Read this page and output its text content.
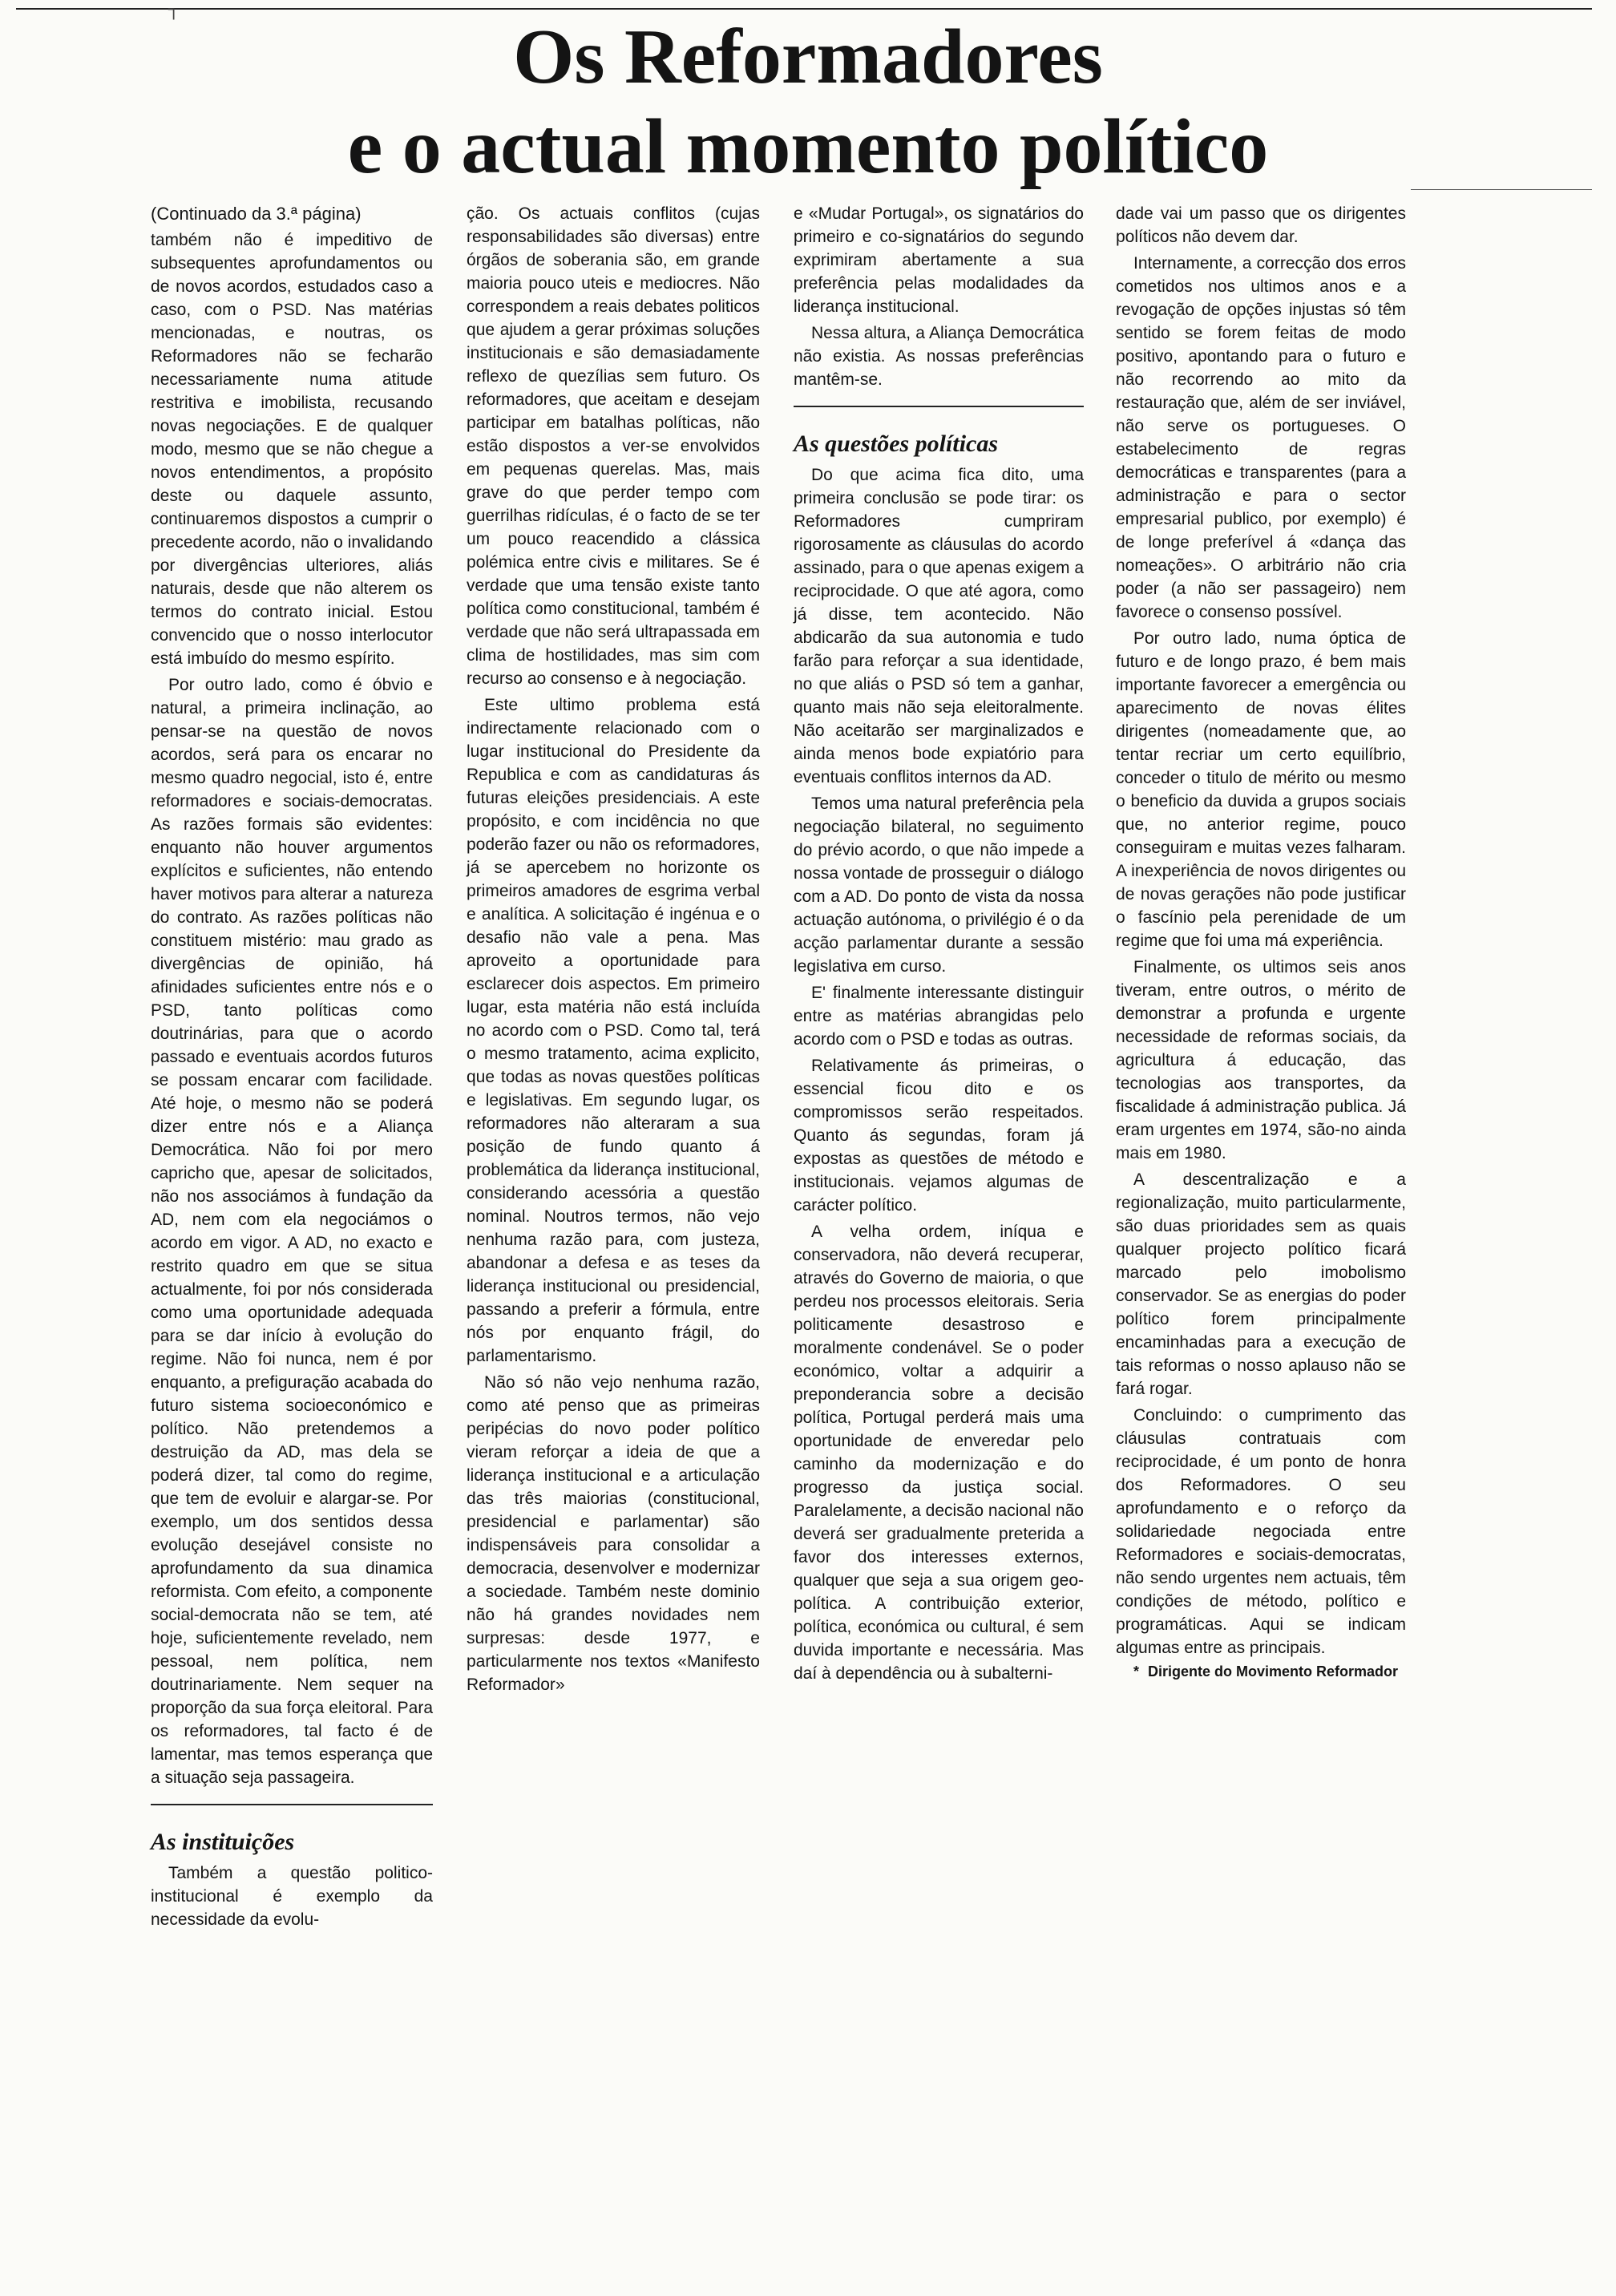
┐
Os Reformadores
e o actual momento político

(Continuado da 3.ª página)

também não é impeditivo de subsequentes aprofundamentos ou de novos acordos, estudados caso a caso, com o PSD. Nas matérias mencionadas, e noutras, os Reformadores não se fecharão necessariamente numa atitude restritiva e imobilista, recusando novas negociações. E de qualquer modo, mesmo que se não chegue a novos entendimentos, a propósito deste ou daquele assunto, continuaremos dispostos a cumprir o precedente acordo, não o invalidando por divergências ulteriores, aliás naturais, desde que não alterem os termos do contrato inicial. Estou convencido que o nosso interlocutor está imbuído do mesmo espírito.

Por outro lado, como é óbvio e natural, a primeira inclinação, ao pensar-se na questão de novos acordos, será para os encarar no mesmo quadro negocial, isto é, entre reformadores e sociais-democratas. As razões formais são evidentes: enquanto não houver argumentos explícitos e suficientes, não entendo haver motivos para alterar a natureza do contrato. As razões políticas não constituem mistério: mau grado as divergências de opinião, há afinidades suficientes entre nós e o PSD, tanto políticas como doutrinárias, para que o acordo passado e eventuais acordos futuros se possam encarar com facilidade. Até hoje, o mesmo não se poderá dizer entre nós e a Aliança Democrática. Não foi por mero capricho que, apesar de solicitados, não nos associámos à fundação da AD, nem com ela negociámos o acordo em vigor. A AD, no exacto e restrito quadro em que se situa actualmente, foi por nós considerada como uma oportunidade adequada para se dar início à evolução do regime. Não foi nunca, nem é por enquanto, a prefiguração acabada do futuro sistema socioeconómico e político. Não pretendemos a destruição da AD, mas dela se poderá dizer, tal como do regime, que tem de evoluir e alargar-se. Por exemplo, um dos sentidos dessa evolução desejável consiste no aprofundamento da sua dinamica reformista. Com efeito, a componente social-democrata não se tem, até hoje, suficientemente revelado, nem pessoal, nem política, nem doutrinariamente. Nem sequer na proporção da sua força eleitoral. Para os reformadores, tal facto é de lamentar, mas temos esperança que a situação seja passageira.

As instituições

Também a questão politico-institucional é exemplo da necessidade da evolu-

ção. Os actuais conflitos (cujas responsabilidades são diversas) entre órgãos de soberania são, em grande maioria pouco uteis e mediocres. Não correspondem a reais debates politicos que ajudem a gerar próximas soluções institucionais e são demasiadamente reflexo de quezílias sem futuro. Os reformadores, que aceitam e desejam participar em batalhas políticas, não estão dispostos a ver-se envolvidos em pequenas querelas. Mas, mais grave do que perder tempo com guerrilhas ridículas, é o facto de se ter um pouco reacendido a clássica polémica entre civis e militares. Se é verdade que uma tensão existe tanto política como constitucional, também é verdade que não será ultrapassada em clima de hostilidades, mas sim com recurso ao consenso e à negociação.

Este ultimo problema está indirectamente relacionado com o lugar institucional do Presidente da Republica e com as candidaturas ás futuras eleições presidenciais. A este propósito, e com incidência no que poderão fazer ou não os reformadores, já se apercebem no horizonte os primeiros amadores de esgrima verbal e analítica. A solicitação é ingénua e o desafio não vale a pena. Mas aproveito a oportunidade para esclarecer dois aspectos. Em primeiro lugar, esta matéria não está incluída no acordo com o PSD. Como tal, terá o mesmo tratamento, acima explicito, que todas as novas questões políticas e legislativas. Em segundo lugar, os reformadores não alteraram a sua posição de fundo quanto á problemática da liderança institucional, considerando acessória a questão nominal. Noutros termos, não vejo nenhuma razão para, com justeza, abandonar a defesa e as teses da liderança institucional ou presidencial, passando a preferir a fórmula, entre nós por enquanto frágil, do parlamentarismo.

Não só não vejo nenhuma razão, como até penso que as primeiras peripécias do novo poder político vieram reforçar a ideia de que a liderança institucional e a articulação das três maiorias (constitucional, presidencial e parlamentar) são indispensáveis para consolidar a democracia, desenvolver e modernizar a sociedade. Também neste dominio não há grandes novidades nem surpresas: desde 1977, e particularmente nos textos «Manifesto Reformador»

e «Mudar Portugal», os signatários do primeiro e co-signatários do segundo exprimiram abertamente a sua preferência pelas modalidades da liderança institucional.

Nessa altura, a Aliança Democrática não existia. As nossas preferências mantêm-se.

As questões políticas

Do que acima fica dito, uma primeira conclusão se pode tirar: os Reformadores cumpriram rigorosamente as cláusulas do acordo assinado, para o que apenas exigem a reciprocidade. O que até agora, como já disse, tem acontecido. Não abdicarão da sua autonomia e tudo farão para reforçar a sua identidade, no que aliás o PSD só tem a ganhar, quanto mais não seja eleitoralmente. Não aceitarão ser marginalizados e ainda menos bode expiatório para eventuais conflitos internos da AD.

Temos uma natural preferência pela negociação bilateral, no seguimento do prévio acordo, o que não impede a nossa vontade de prosseguir o diálogo com a AD. Do ponto de vista da nossa actuação autónoma, o privilégio é o da acção parlamentar durante a sessão legislativa em curso.

E' finalmente interessante distinguir entre as matérias abrangidas pelo acordo com o PSD e todas as outras.

Relativamente ás primeiras, o essencial ficou dito e os compromissos serão respeitados. Quanto ás segundas, foram já expostas as questões de método e institucionais. vejamos algumas de carácter político.

A velha ordem, iníqua e conservadora, não deverá recuperar, através do Governo de maioria, o que perdeu nos processos eleitorais. Seria politicamente desastroso e moralmente condenável. Se o poder económico, voltar a adquirir a preponderancia sobre a decisão política, Portugal perderá mais uma oportunidade de enveredar pelo caminho da modernização e do progresso da justiça social. Paralelamente, a decisão nacional não deverá ser gradualmente preterida a favor dos interesses externos, qualquer que seja a sua origem geo-política. A contribuição exterior, política, económica ou cultural, é sem duvida importante e necessária. Mas daí à dependência ou à subalterni-

dade vai um passo que os dirigentes políticos não devem dar.

Internamente, a correcção dos erros cometidos nos ultimos anos e a revogação de opções injustas só têm sentido se forem feitas de modo positivo, apontando para o futuro e não recorrendo ao mito da restauração que, além de ser inviável, não serve os portugueses. O estabelecimento de regras democráticas e transparentes (para a administração e para o sector empresarial publico, por exemplo) é de longe preferível á «dança das nomeações». O arbitrário não cria poder (a não ser passageiro) nem favorece o consenso possível.

Por outro lado, numa óptica de futuro e de longo prazo, é bem mais importante favorecer a emergência ou aparecimento de novas élites dirigentes (nomeadamente que, ao tentar recriar um certo equilíbrio, conceder o titulo de mérito ou mesmo o beneficio da duvida a grupos sociais que, no anterior regime, pouco conseguiram e muitas vezes falharam. A inexperiência de novos dirigentes ou de novas gerações não pode justificar o fascínio pela perenidade de um regime que foi uma má experiência.

Finalmente, os ultimos seis anos tiveram, entre outros, o mérito de demonstrar a profunda e urgente necessidade de reformas sociais, da agricultura á educação, das tecnologias aos transportes, da fiscalidade á administração publica. Já eram urgentes em 1974, são-no ainda mais em 1980.

A descentralização e a regionalização, muito particularmente, são duas prioridades sem as quais qualquer projecto político ficará marcado pelo imobolismo conservador. Se as energias do poder político forem principalmente encaminhadas para a execução de tais reformas o nosso aplauso não se fará rogar.

Concluindo: o cumprimento das cláusulas contratuais com reciprocidade, é um ponto de honra dos Reformadores. O seu aprofundamento e o reforço da solidariedade negociada entre Reformadores e sociais-democratas, não sendo urgentes nem actuais, têm condições de método, político e programáticas. Aqui se indicam algumas entre as principais.

* Dirigente do Movimento Reformador
